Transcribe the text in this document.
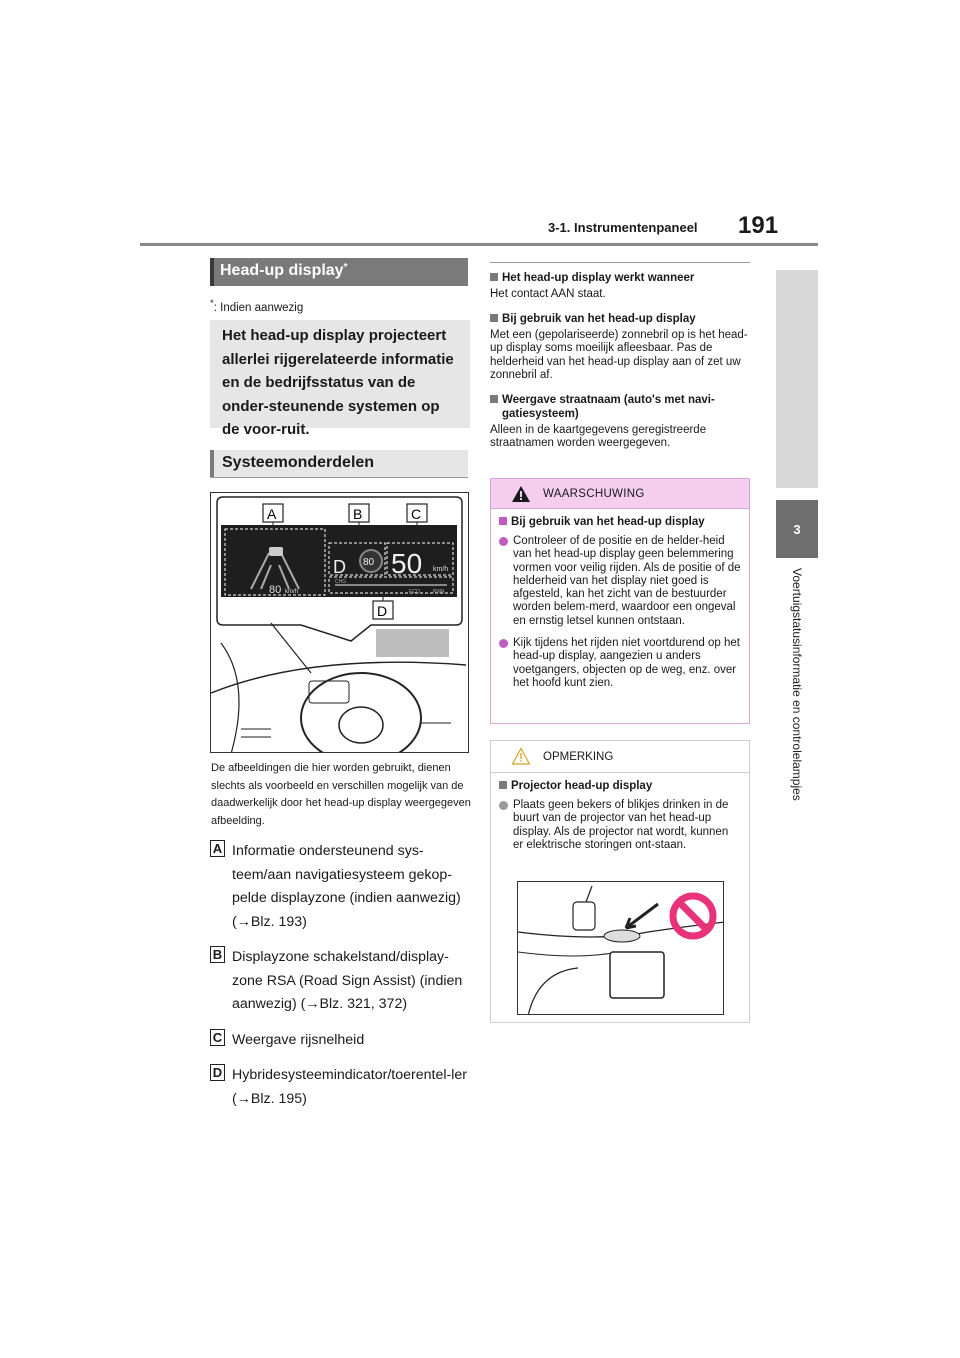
3-1. Instrumentenpaneel 191
3
Voertuigstatusinformatie en controlelampjes
Head-up display*
*: Indien aanwezig
Het head-up display projecteert allerlei rijgerelateerde informatie en de bedrijfsstatus van de onder-steunende systemen op de voor-ruit.
Systeemonderdelen
80 km/h
D 80 50 km/h
CHG
ECO	PWR
A	B	C
D
De afbeeldingen die hier worden gebruikt, dienen slechts als voorbeeld en verschillen mogelijk van de daadwerkelijk door het head-up display weergegeven afbeelding.
A Informatie ondersteunend sys-teem/aan navigatiesysteem gekop-pelde displayzone (indien aanwezig) (→Blz. 193)
B Displayzone schakelstand/display-zone RSA (Road Sign Assist) (indien aanwezig) (→Blz. 321, 372)
C Weergave rijsnelheid
D Hybridesysteemindicator/toerentel-ler (→Blz. 195)
Het head-up display werkt wanneer
Het contact AAN staat.
Bij gebruik van het head-up display
Met een (gepolariseerde) zonnebril op is het head-up display soms moeilijk afleesbaar. Pas de helderheid van het head-up display aan of zet uw zonnebril af.
Weergave straatnaam (auto's met navi-gatiesysteem)
Alleen in de kaartgegevens geregistreerde straatnamen worden weergegeven.
WAARSCHUWING
Bij gebruik van het head-up display
Controleer of de positie en de helder-heid van het head-up display geen belemmering vormen voor veilig rijden. Als de positie of de helderheid van het display niet goed is afgesteld, kan het zicht van de bestuurder worden belem-merd, waardoor een ongeval en ernstig letsel kunnen ontstaan.
Kijk tijdens het rijden niet voortdurend op het head-up display, aangezien u anders voetgangers, objecten op de weg, enz. over het hoofd kunt zien.
OPMERKING
Projector head-up display
Plaats geen bekers of blikjes drinken in de buurt van de projector van het head-up display. Als de projector nat wordt, kunnen er elektrische storingen ont-staan.
